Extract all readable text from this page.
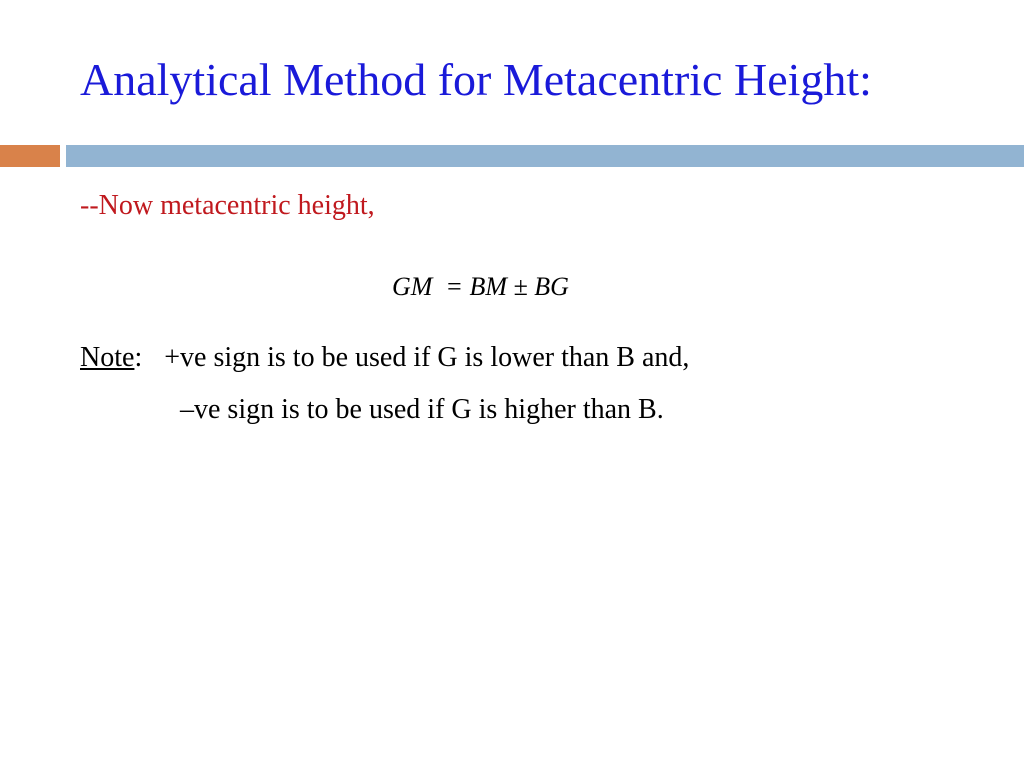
Analytical Method for Metacentric Height:
--Now metacentric height,
GM  = BM ± BG
Note: +ve sign is to be used if G is lower than B and,
–ve sign is to be used if G is higher than B.
